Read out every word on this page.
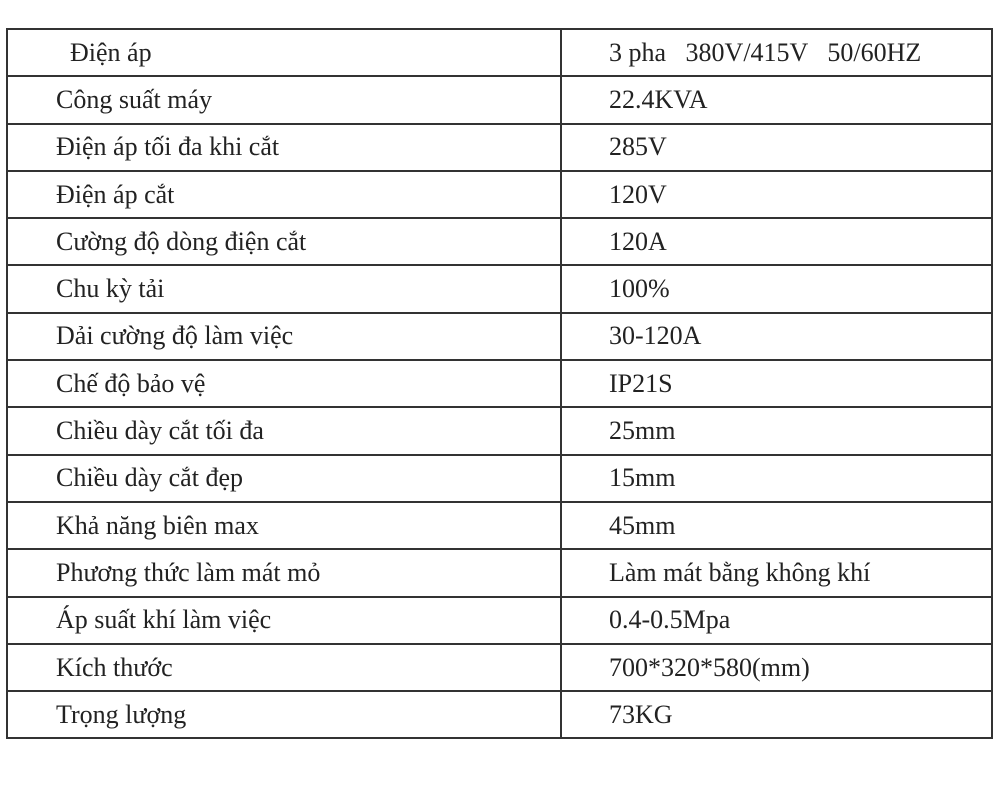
Điện áp	3 pha   380V/415V   50/60HZ
Công suất máy	22.4KVA
Điện áp tối đa khi cắt	285V
Điện áp cắt	120V
Cường độ dòng điện cắt	120A
Chu kỳ tải	100%
Dải cường độ làm việc	30-120A
Chế độ bảo vệ	IP21S
Chiều dày cắt tối đa	25mm
Chiều dày cắt đẹp	15mm
Khả năng biên max	45mm
Phương thức làm mát mỏ	Làm mát bằng không khí
Áp suất khí làm việc	0.4-0.5Mpa
Kích thước	700*320*580(mm)
Trọng lượng	73KG
